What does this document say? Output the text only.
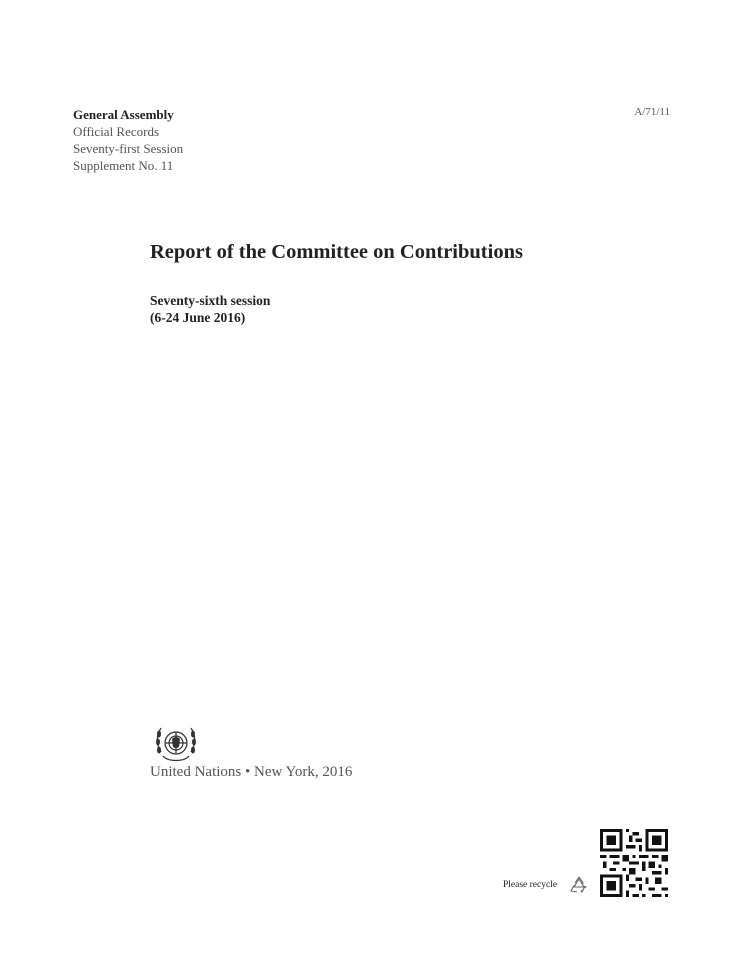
General Assembly
Official Records
Seventy-first Session
Supplement No. 11
A/71/11
Report of the Committee on Contributions
Seventy-sixth session
(6-24 June 2016)
United Nations • New York, 2016
Please recycle
